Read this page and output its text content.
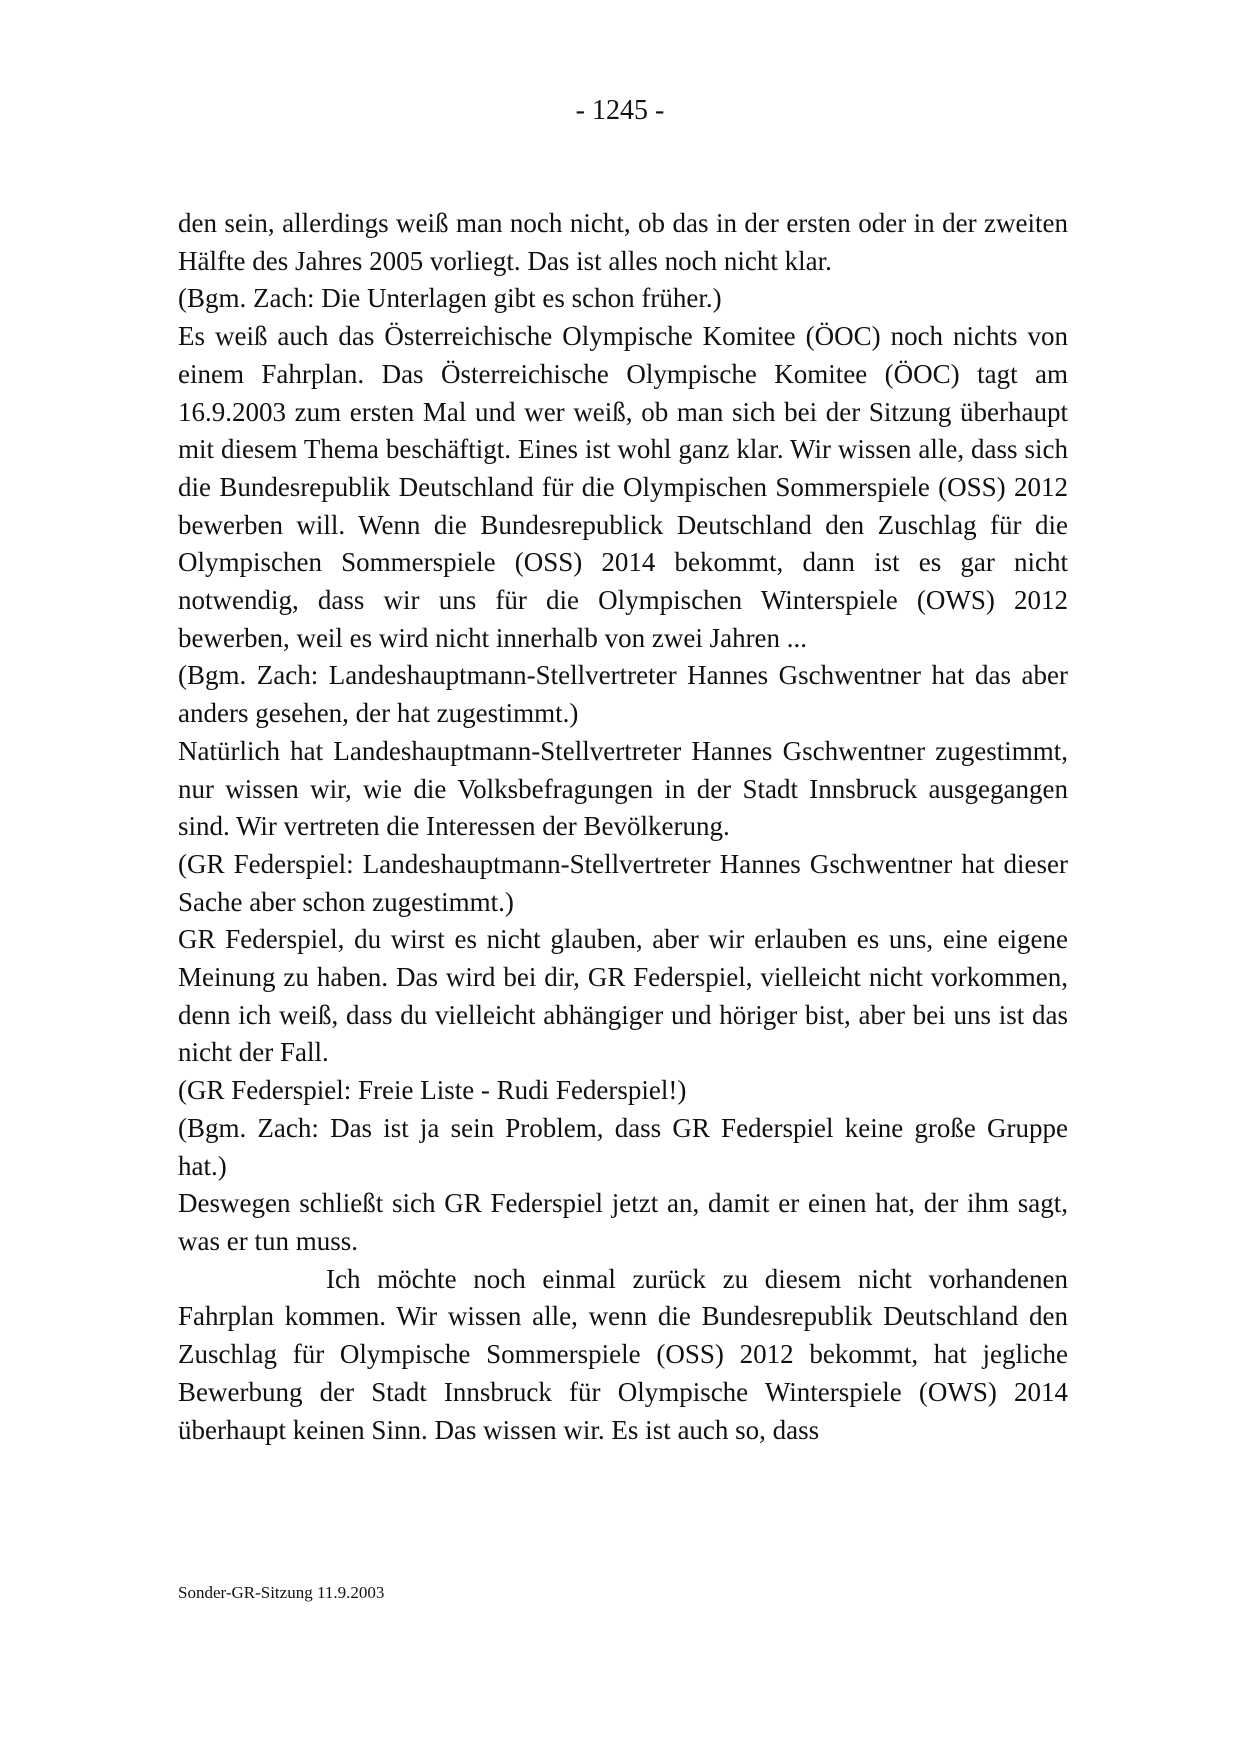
- 1245 -

den sein, allerdings weiß man noch nicht, ob das in der ersten oder in der zweiten Hälfte des Jahres 2005 vorliegt. Das ist alles noch nicht klar.

(Bgm. Zach: Die Unterlagen gibt es schon früher.)

Es weiß auch das Österreichische Olympische Komitee (ÖOC) noch nichts von einem Fahrplan. Das Österreichische Olympische Komitee (ÖOC) tagt am 16.9.2003 zum ersten Mal und wer weiß, ob man sich bei der Sitzung überhaupt mit diesem Thema beschäftigt. Eines ist wohl ganz klar. Wir wissen alle, dass sich die Bundesrepublik Deutschland für die Olympischen Sommerspiele (OSS) 2012 bewerben will. Wenn die Bundesrepublick Deutschland den Zuschlag für die Olympischen Sommerspiele (OSS) 2014 bekommt, dann ist es gar nicht notwendig, dass wir uns für die Olympischen Winterspiele (OWS) 2012 bewerben, weil es wird nicht innerhalb von zwei Jahren ...

(Bgm. Zach: Landeshauptmann-Stellvertreter Hannes Gschwentner hat das aber anders gesehen, der hat zugestimmt.)

Natürlich hat Landeshauptmann-Stellvertreter Hannes Gschwentner zugestimmt, nur wissen wir, wie die Volksbefragungen in der Stadt Innsbruck ausgegangen sind. Wir vertreten die Interessen der Bevölkerung.

(GR Federspiel: Landeshauptmann-Stellvertreter Hannes Gschwentner hat dieser Sache aber schon zugestimmt.)

GR Federspiel, du wirst es nicht glauben, aber wir erlauben es uns, eine eigene Meinung zu haben. Das wird bei dir, GR Federspiel, vielleicht nicht vorkommen, denn ich weiß, dass du vielleicht abhängiger und höriger bist, aber bei uns ist das nicht der Fall.

(GR Federspiel: Freie Liste - Rudi Federspiel!)

(Bgm. Zach: Das ist ja sein Problem, dass GR Federspiel keine große Gruppe hat.)

Deswegen schließt sich GR Federspiel jetzt an, damit er einen hat, der ihm sagt, was er tun muss.

Ich möchte noch einmal zurück zu diesem nicht vorhandenen Fahrplan kommen. Wir wissen alle, wenn die Bundesrepublik Deutschland den Zuschlag für Olympische Sommerspiele (OSS) 2012 bekommt, hat jegliche Bewerbung der Stadt Innsbruck für Olympische Winterspiele (OWS) 2014 überhaupt keinen Sinn. Das wissen wir. Es ist auch so, dass

Sonder-GR-Sitzung 11.9.2003
